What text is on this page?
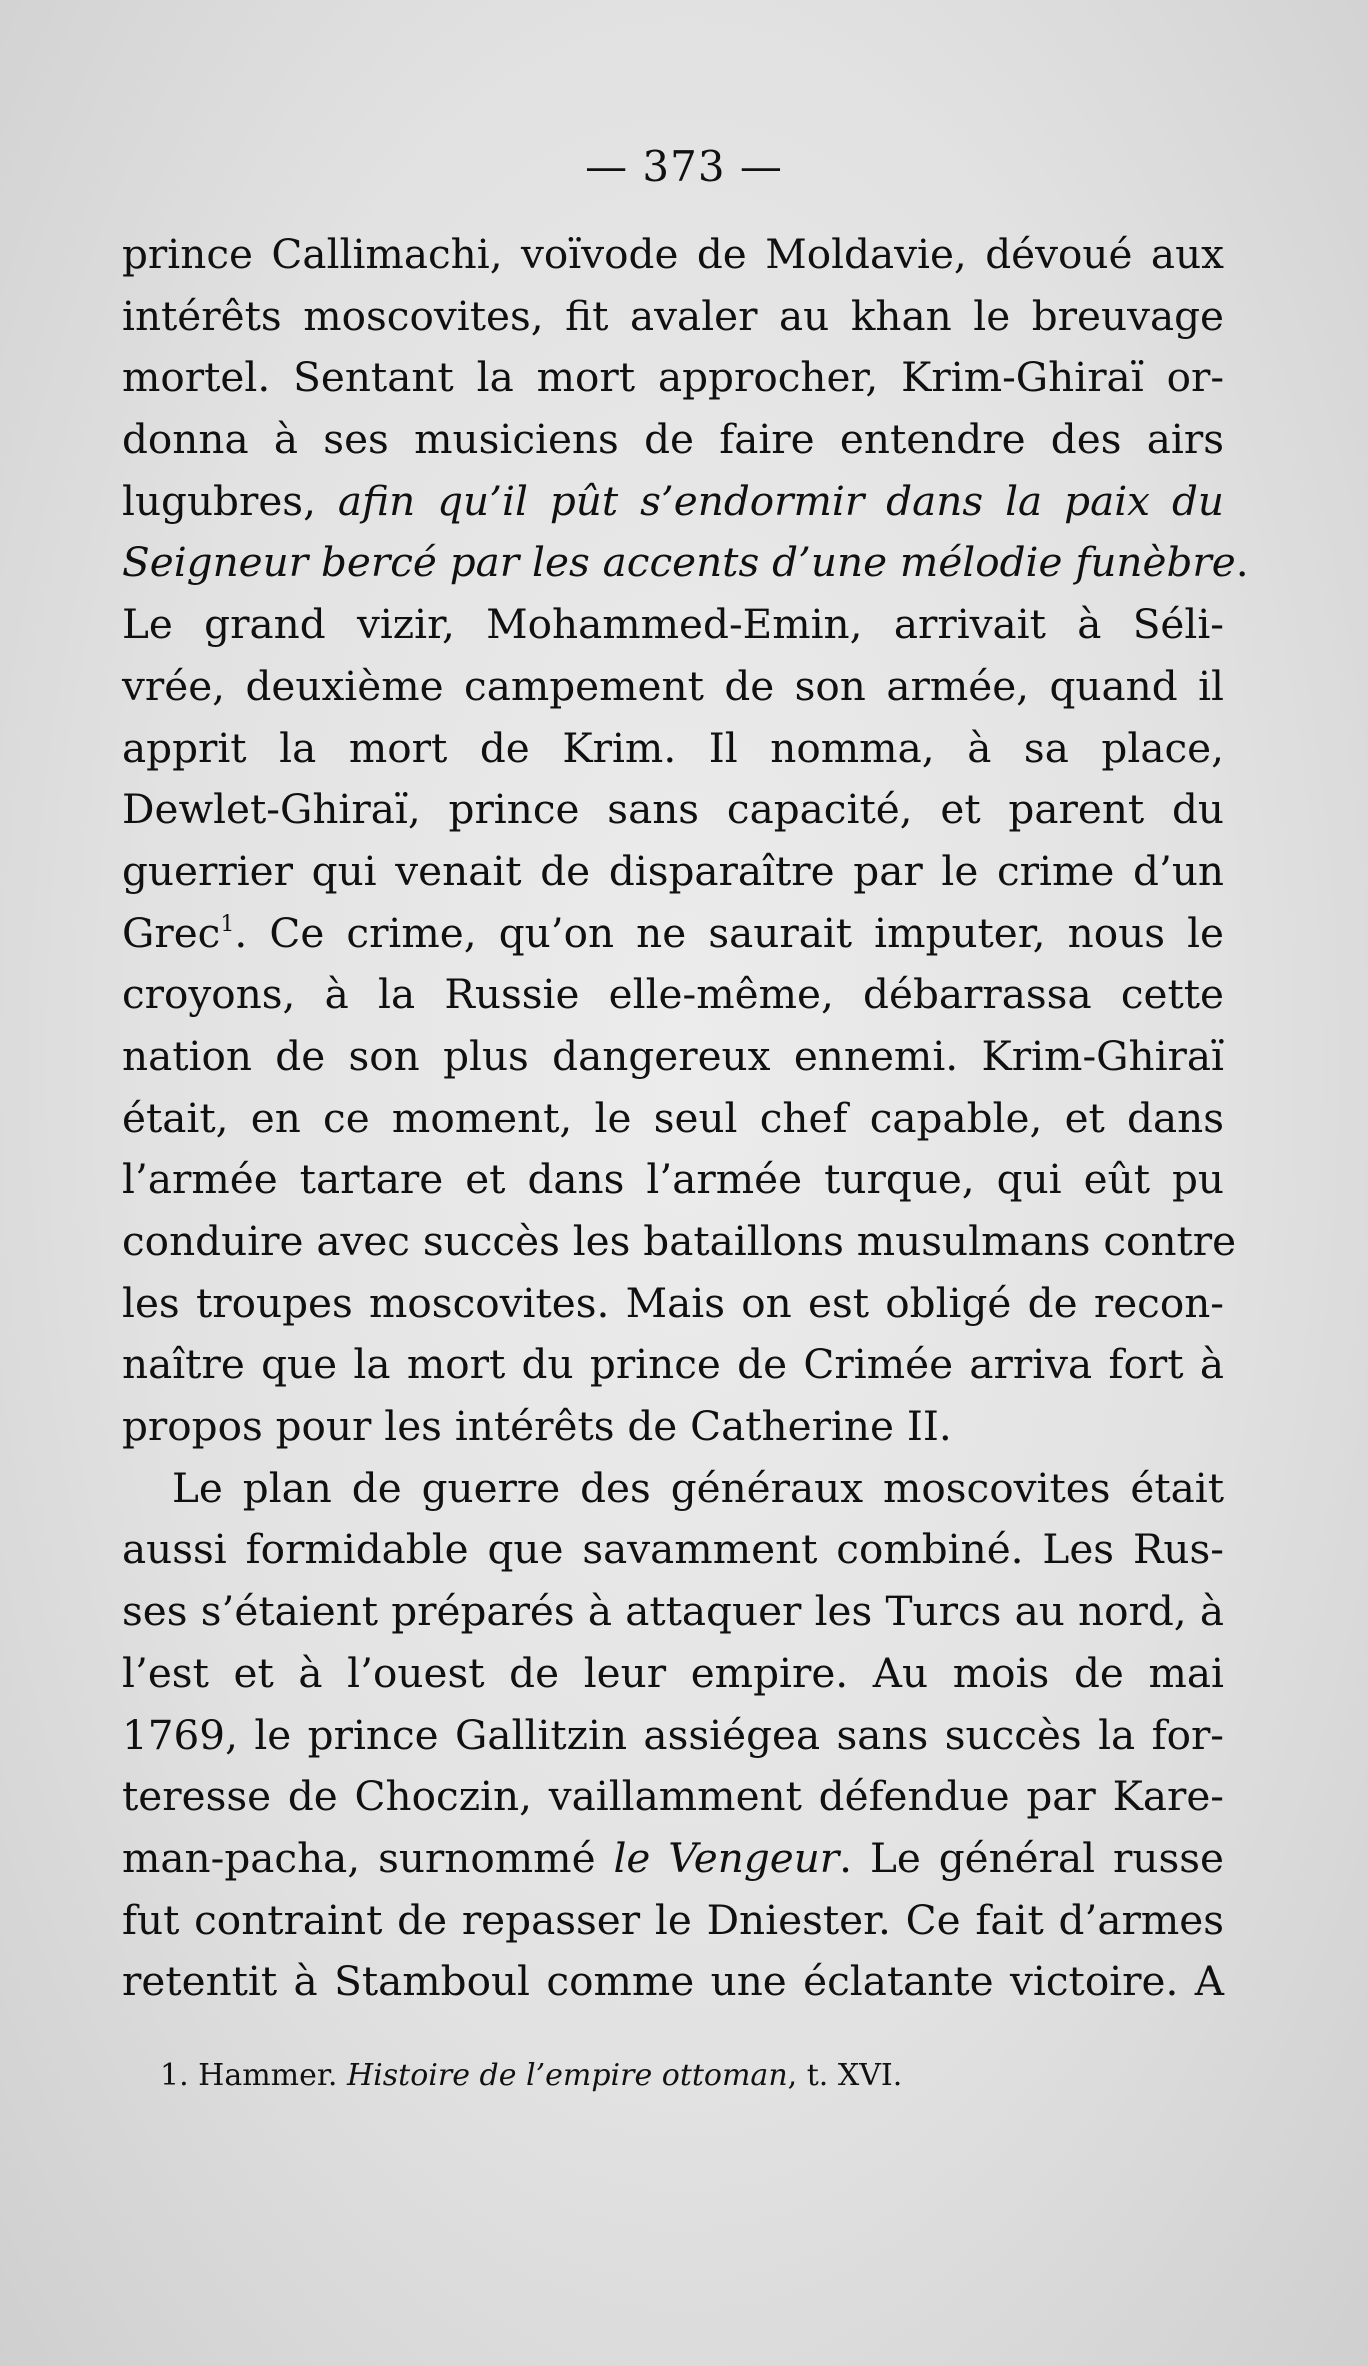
— 373 —
prince Callimachi, voïvode de Moldavie, dévoué aux
intérêts moscovites, fit avaler au khan le breuvage
mortel. Sentant la mort approcher, Krim-Ghiraï or-
donna à ses musiciens de faire entendre des airs
lugubres, afin qu’il pût s’endormir dans la paix du
Seigneur bercé par les accents d’une mélodie funèbre.
Le grand vizir, Mohammed-Emin, arrivait à Séli-
vrée, deuxième campement de son armée, quand il
apprit la mort de Krim. Il nomma, à sa place,
Dewlet-Ghiraï, prince sans capacité, et parent du
guerrier qui venait de disparaître par le crime d’un
Grec$^1$. Ce crime, qu’on ne saurait imputer, nous le
croyons, à la Russie elle-même, débarrassa cette
nation de son plus dangereux ennemi. Krim-Ghiraï
était, en ce moment, le seul chef capable, et dans
l’armée tartare et dans l’armée turque, qui eût pu
conduire avec succès les bataillons musulmans contre
les troupes moscovites. Mais on est obligé de recon-
naître que la mort du prince de Crimée arriva fort à
propos pour les intérêts de Catherine II.
Le plan de guerre des généraux moscovites était
aussi formidable que savamment combiné. Les Rus-
ses s’étaient préparés à attaquer les Turcs au nord, à
l’est et à l’ouest de leur empire. Au mois de mai
1769, le prince Gallitzin assiégea sans succès la for-
teresse de Choczin, vaillamment défendue par Kare-
man-pacha, surnommé le Vengeur. Le général russe
fut contraint de repasser le Dniester. Ce fait d’armes
retentit à Stamboul comme une éclatante victoire. A
1. Hammer. Histoire de l’empire ottoman, t. XVI.
